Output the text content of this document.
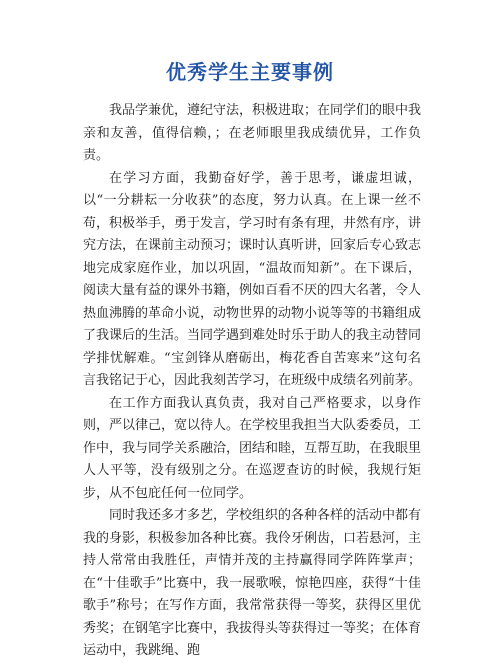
优秀学生主要事例

我品学兼优，遵纪守法，积极进取；在同学们的眼中我亲和友善，值得信赖，；在老师眼里我成绩优异，工作负责。

在学习方面，我勤奋好学，善于思考，谦虚坦诚，以“一分耕耘一分收获”的态度，努力认真。在上课一丝不苟，积极举手，勇于发言，学习时有条有理，井然有序，讲究方法，在课前主动预习；课时认真听讲，回家后专心致志地完成家庭作业，加以巩固，“温故而知新”。在下课后，阅读大量有益的课外书籍，例如百看不厌的四大名著，令人热血沸腾的革命小说，动物世界的动物小说等等的书籍组成了我课后的生活。当同学遇到难处时乐于助人的我主动替同学排忧解难。“宝剑锋从磨砺出，梅花香自苦寒来”这句名言我铭记于心，因此我刻苦学习，在班级中成绩名列前茅。

在工作方面我认真负责，我对自己严格要求，以身作则，严以律己，宽以待人。在学校里我担当大队委委员，工作中，我与同学关系融洽，团结和睦，互帮互助，在我眼里人人平等，没有级别之分。在巡逻查访的时候，我规行矩步，从不包庇任何一位同学。

同时我还多才多艺，学校组织的各种各样的活动中都有我的身影，积极参加各种比赛。我伶牙俐齿，口若悬河，主持人常常由我胜任，声情并茂的主持赢得同学阵阵掌声；在“十佳歌手”比赛中，我一展歌喉，惊艳四座，获得“十佳歌手”称号；在写作方面，我常常获得一等奖，获得区里优秀奖；在钢笔字比赛中，我拔得头等获得过一等奖；在体育运动中，我跳绳、跑
